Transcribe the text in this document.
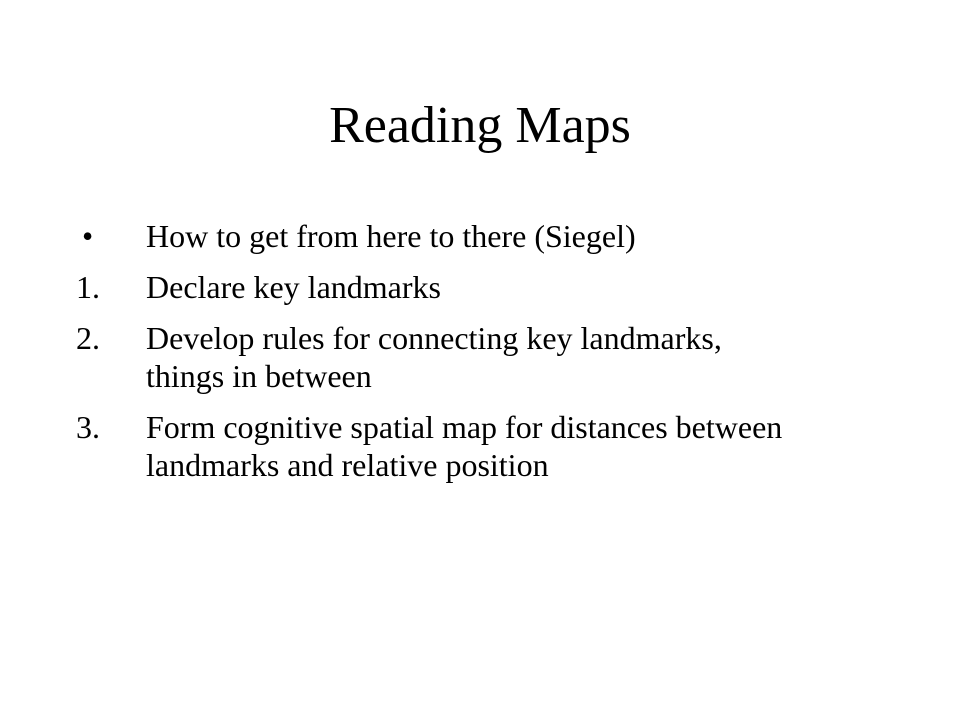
Reading Maps
•	How to get from here to there (Siegel)
1.	Declare key landmarks
2.	Develop rules for connecting key landmarks, things in between
3.	Form cognitive spatial map for distances between landmarks and relative position
